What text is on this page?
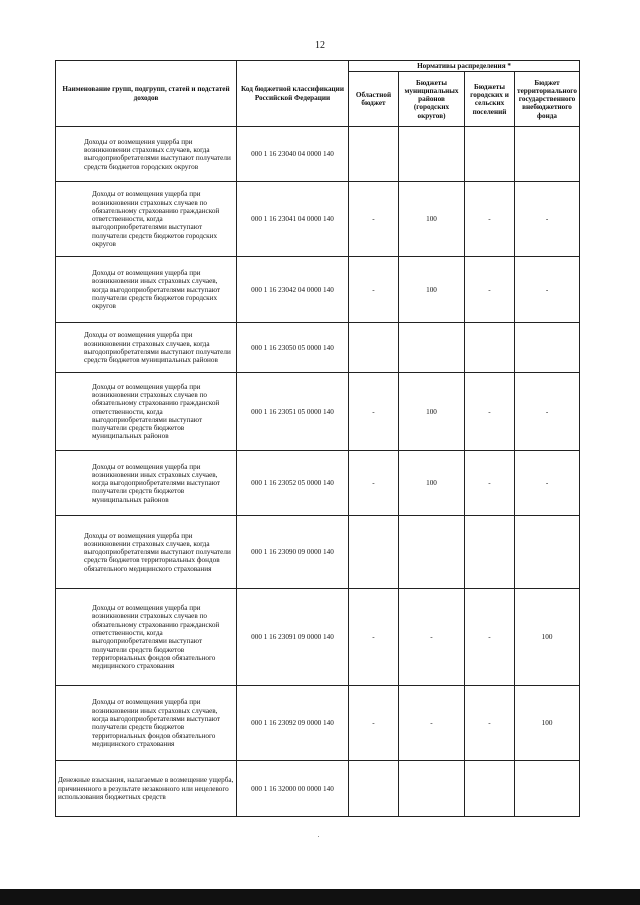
12
Наименование групп, подгрупп, статей и подстатей доходов	Код бюджетной классификации Российской Федерации	Нормативы распределения *			
		Областной бюджет	Бюджеты муниципальных районов (городских округов)	Бюджеты городских и сельских поселений	Бюджет территориального государственного внебюджетного фонда
Доходы от возмещения ущерба при возникновении страховых случаев, когда выгодоприобретателями выступают получатели средств бюджетов городских округов	000 1 16 23040 04 0000 140				
Доходы от возмещения ущерба при возникновении страховых случаев по обязательному страхованию гражданской ответственности, когда выгодоприобретателями выступают получатели средств бюджетов городских округов	000 1 16 23041 04 0000 140	-	100	-	-
Доходы от возмещения ущерба при возникновении иных страховых случаев, когда выгодоприобретателями выступают получатели средств бюджетов городских округов	000 1 16 23042 04 0000 140	-	100	-	-
Доходы от возмещения ущерба при возникновении страховых случаев, когда выгодоприобретателями выступают получатели средств бюджетов муниципальных районов	000 1 16 23050 05 0000 140				
Доходы от возмещения ущерба при возникновении страховых случаев по обязательному страхованию гражданской ответственности, когда выгодоприобретателями выступают получатели средств бюджетов муниципальных районов	000 1 16 23051 05 0000 140	-	100	-	-
Доходы от возмещения ущерба при возникновении иных страховых случаев, когда выгодоприобретателями выступают получатели средств бюджетов муниципальных районов	000 1 16 23052 05 0000 140	-	100	-	-
Доходы от возмещения ущерба при возникновении страховых случаев, когда выгодоприобретателями выступают получатели средств бюджетов территориальных фондов обязательного медицинского страхования	000 1 16 23090 09 0000 140				
Доходы от возмещения ущерба при возникновении страховых случаев по обязательному страхованию гражданской ответственности, когда выгодоприобретателями выступают получатели средств бюджетов территориальных фондов обязательного медицинского страхования	000 1 16 23091 09 0000 140	-	-	-	100
Доходы от возмещения ущерба при возникновении иных страховых случаев, когда выгодоприобретателями выступают получатели средств бюджетов территориальных фондов обязательного медицинского страхования	000 1 16 23092 09 0000 140	-	-	-	100
Денежные взыскания, налагаемые в возмещение ущерба, причиненного в результате незаконного или нецелевого использования бюджетных средств	000 1 16 32000 00 0000 140				
